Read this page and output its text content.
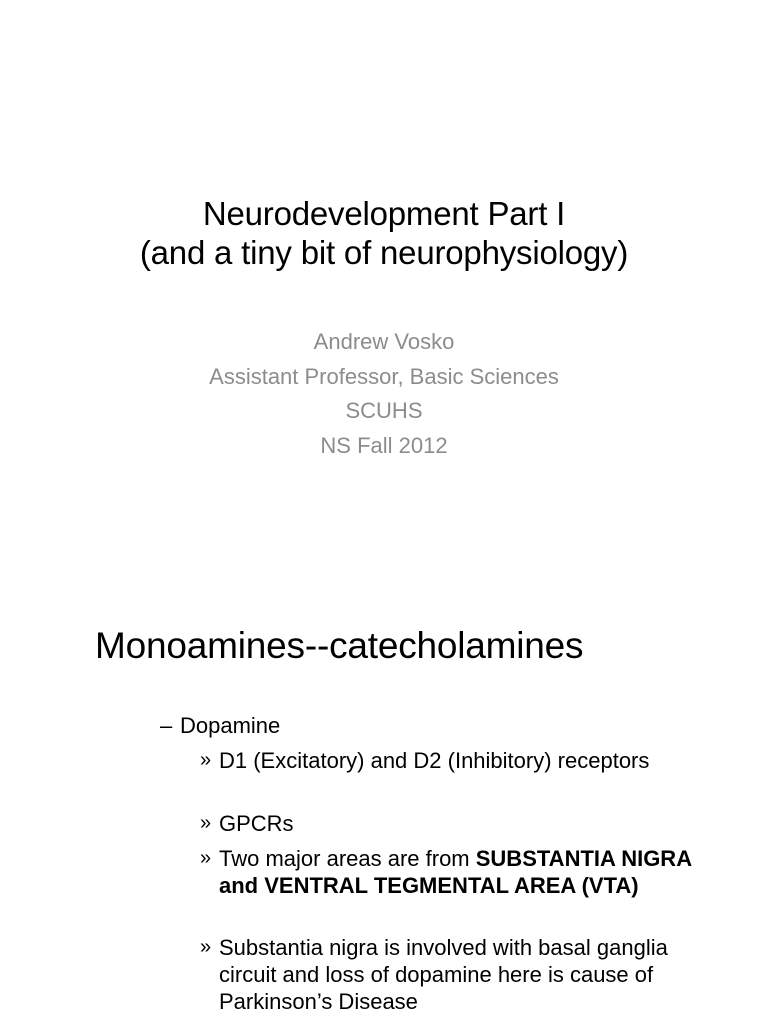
Neurodevelopment Part I
(and a tiny bit of neurophysiology)
Andrew Vosko
Assistant Professor, Basic Sciences
SCUHS
NS Fall 2012
Monoamines--catecholamines
– Dopamine
» D1 (Excitatory) and D2 (Inhibitory) receptors
» GPCRs
» Two major areas are from SUBSTANTIA NIGRA and VENTRAL TEGMENTAL AREA (VTA)
» Substantia nigra is involved with basal ganglia circuit and loss of dopamine here is cause of Parkinson’s Disease
